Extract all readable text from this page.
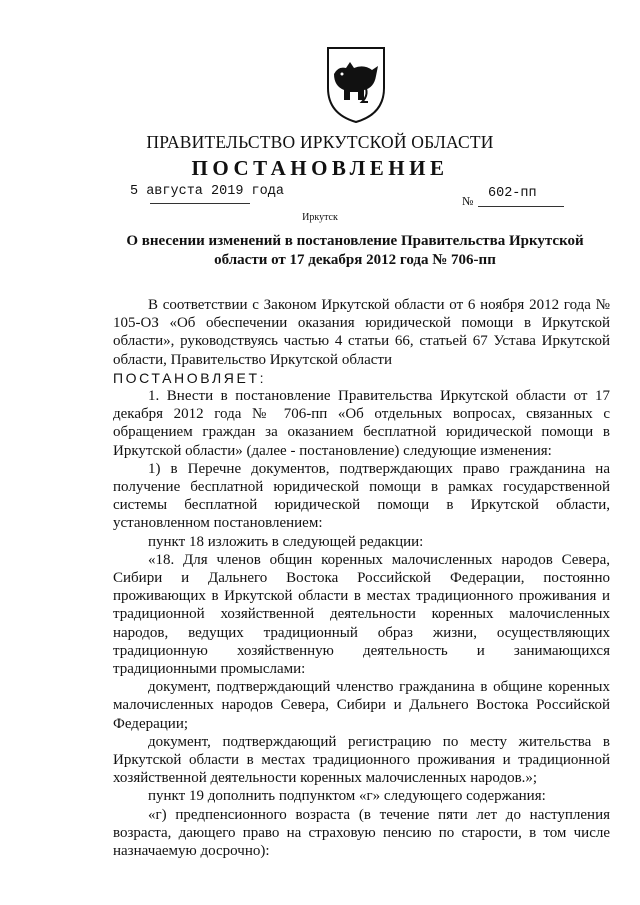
ПРАВИТЕЛЬСТВО ИРКУТСКОЙ ОБЛАСТИ
ПОСТАНОВЛЕНИЕ
5 августа 2019 года
№ 602-пп
Иркутск
О внесении изменений в постановление Правительства Иркутской области от 17 декабря 2012 года № 706-пп

В соответствии с Законом Иркутской области от 6 ноября 2012 года № 105-ОЗ «Об обеспечении оказания юридической помощи в Иркутской области», руководствуясь частью 4 статьи 66, статьей 67 Устава Иркутской области, Правительство Иркутской области

ПОСТАНОВЛЯЕТ:

1. Внести в постановление Правительства Иркутской области от 17 декабря 2012 года № 706-пп «Об отдельных вопросах, связанных с обращением граждан за оказанием бесплатной юридической помощи в Иркутской области» (далее - постановление) следующие изменения:

1) в Перечне документов, подтверждающих право гражданина на получение бесплатной юридической помощи в рамках государственной системы бесплатной юридической помощи в Иркутской области, установленном постановлением:

пункт 18 изложить в следующей редакции:

«18. Для членов общин коренных малочисленных народов Севера, Сибири и Дальнего Востока Российской Федерации, постоянно проживающих в Иркутской области в местах традиционного проживания и традиционной хозяйственной деятельности коренных малочисленных народов, ведущих традиционный образ жизни, осуществляющих традиционную хозяйственную деятельность и занимающихся традиционными промыслами:

документ, подтверждающий членство гражданина в общине коренных малочисленных народов Севера, Сибири и Дальнего Востока Российской Федерации;

документ, подтверждающий регистрацию по месту жительства в Иркутской области в местах традиционного проживания и традиционной хозяйственной деятельности коренных малочисленных народов.»;

пункт 19 дополнить подпунктом «г» следующего содержания:

«г) предпенсионного возраста (в течение пяти лет до наступления возраста, дающего право на страховую пенсию по старости, в том числе назначаемую досрочно):
